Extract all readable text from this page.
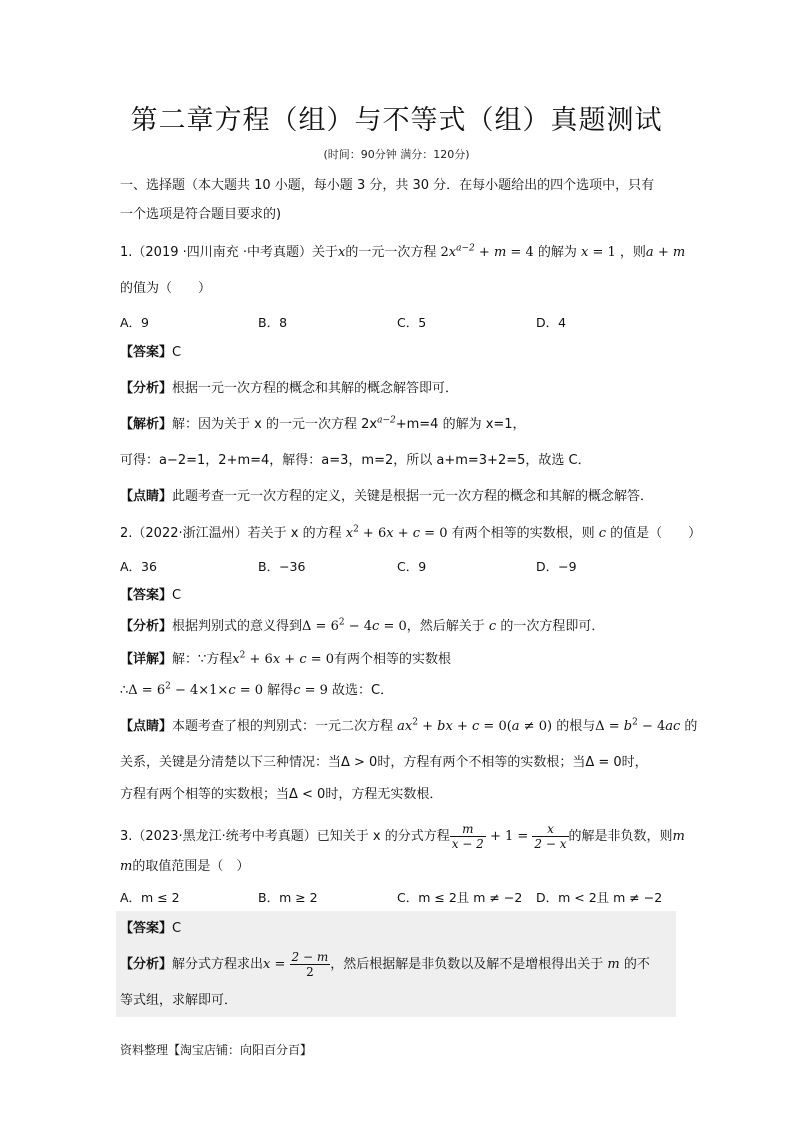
第二章方程（组）与不等式（组）真题测试
(时间：90分钟 满分：120分)
一、选择题（本大题共 10 小题，每小题 3 分，共 30 分．在每小题给出的四个选项中，只有
一个选项是符合题目要求的)
1.（2019 ·四川南充 ·中考真题）关于x的一元一次方程 $2x^{a-2} + m = 4$ 的解为 x = 1 ，则a + m
的值为（　　）
A．9	B．8	C．5	D．4
【答案】C
【分析】根据一元一次方程的概念和其解的概念解答即可．
【解析】解：因为关于 x 的一元一次方程 $2x^{a-2}+m=4$ 的解为 x=1，
可得：a−2=1，2+m=4，解得：a=3，m=2，所以 a+m=3+2=5，故选 C．
【点睛】此题考查一元一次方程的定义，关键是根据一元一次方程的概念和其解的概念解答．
2.（2022·浙江温州）若关于 x 的方程 $x^2 + 6x + c = 0$ 有两个相等的实数根，则 c 的值是（　　）
A．36	B．−36	C．9	D．−9
【答案】C
【分析】根据判别式的意义得到$\Delta = 6^2 - 4c = 0$，然后解关于 c 的一次方程即可．
【详解】解：∵方程$x^2 + 6x + c = 0$有两个相等的实数根
∴Δ = $6^2 - 4\times 1\times c = 0$ 解得c = 9 故选：C．
【点睛】本题考查了根的判别式：一元二次方程 $ax^2$ + bx + c = 0(a ≠ 0) 的根与$\Delta = b^2 - 4ac$ 的
关系，关键是分清楚以下三种情况：当Δ > 0时，方程有两个不相等的实数根；当Δ = 0时，
方程有两个相等的实数根；当Δ < 0时，方程无实数根．
3.（2023·黑龙江·统考中考真题）已知关于 x 的分式方程 $\frac{m}{x - 2} + 1 = \frac{x}{2 - x}$ 的解是非负数，则m
m的取值范围是（　）
A．m ≤ 2	B．m ≥ 2	C．m ≤ 2且 m ≠ −2 D．m < 2且 m ≠ −2
【答案】C
【分析】解分式方程求出$x = \frac{2 - m}{2}$ ，然后根据解是非负数以及解不是增根得出关于 m 的不
等式组，求解即可．
资料整理【淘宝店铺：向阳百分百】
